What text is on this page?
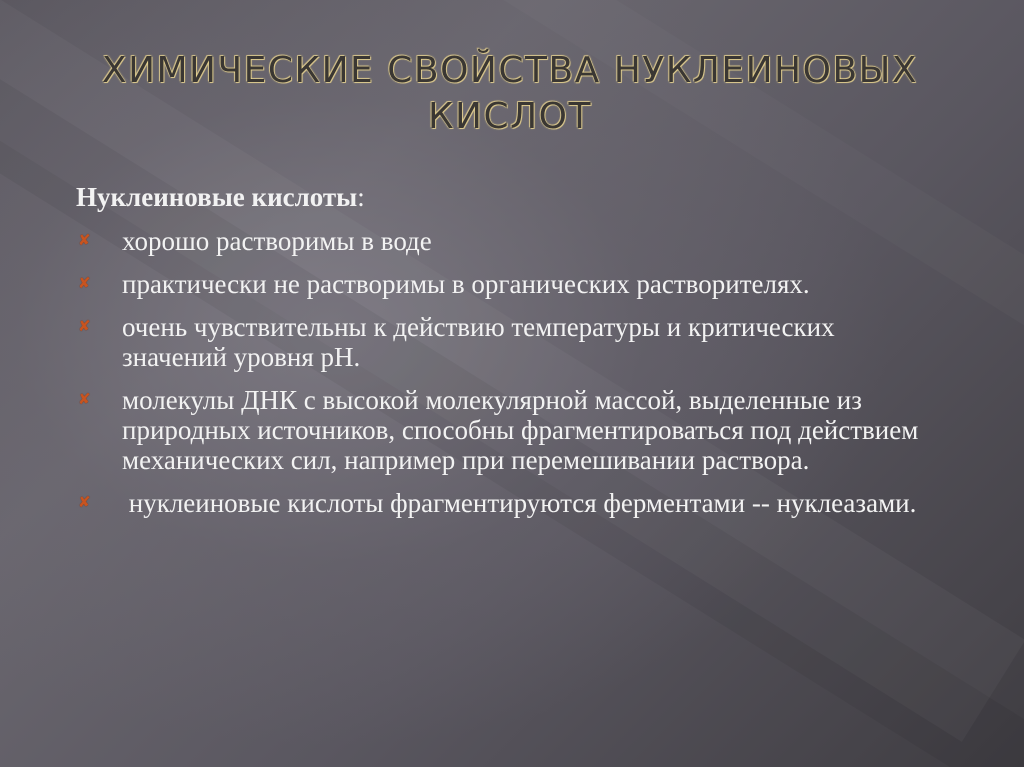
ХИМИЧЕСКИЕ СВОЙСТВА НУКЛЕИНОВЫХ КИСЛОТ

Нуклеиновые кислоты:

✘ хорошо растворимы в воде
✘ практически не растворимы в органических растворителях.
✘ очень чувствительны к действию температуры и критических значений уровня pH.
✘ молекулы ДНК с высокой молекулярной массой, выделенные из природных источников, способны фрагментироваться под действием механических сил, например при перемешивании раствора.
✘ нуклеиновые кислоты фрагментируются ферментами -- нуклеазами.
